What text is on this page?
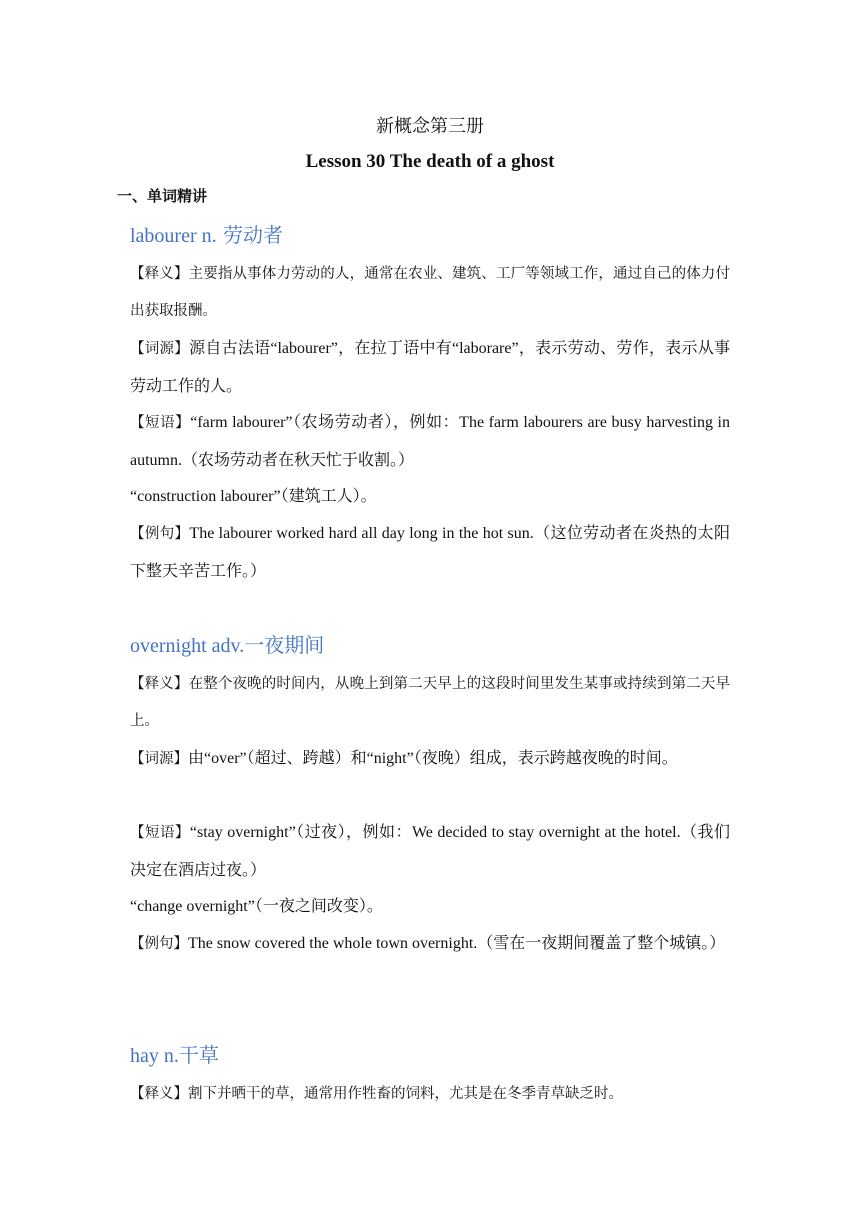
新概念第三册
Lesson 30 The death of a ghost
一、单词精讲
labourer n. 劳动者
【释义】主要指从事体力劳动的人，通常在农业、建筑、工厂等领域工作，通过自己的体力付出获取报酬。
【词源】源自古法语“labourer”，在拉丁语中有“laborare”，表示劳动、劳作，表示从事劳动工作的人。
【短语】“farm labourer”（农场劳动者），例如：The farm labourers are busy harvesting in autumn.（农场劳动者在秋天忙于收割。）
“construction labourer”（建筑工人）。
【例句】The labourer worked hard all day long in the hot sun.（这位劳动者在炎热的太阳下整天辛苦工作。）
overnight adv.一夜期间
【释义】在整个夜晚的时间内，从晚上到第二天早上的这段时间里发生某事或持续到第二天早上。
【词源】由“over”（超过、跨越）和“night”（夜晚）组成，表示跨越夜晚的时间。
【短语】“stay overnight”（过夜），例如：We decided to stay overnight at the hotel.（我们决定在酒店过夜。）
“change overnight”（一夜之间改变）。
【例句】The snow covered the whole town overnight.（雪在一夜期间覆盖了整个城镇。）
hay n.干草
【释义】割下并晒干的草，通常用作牲畜的饲料，尤其是在冬季青草缺乏时。
